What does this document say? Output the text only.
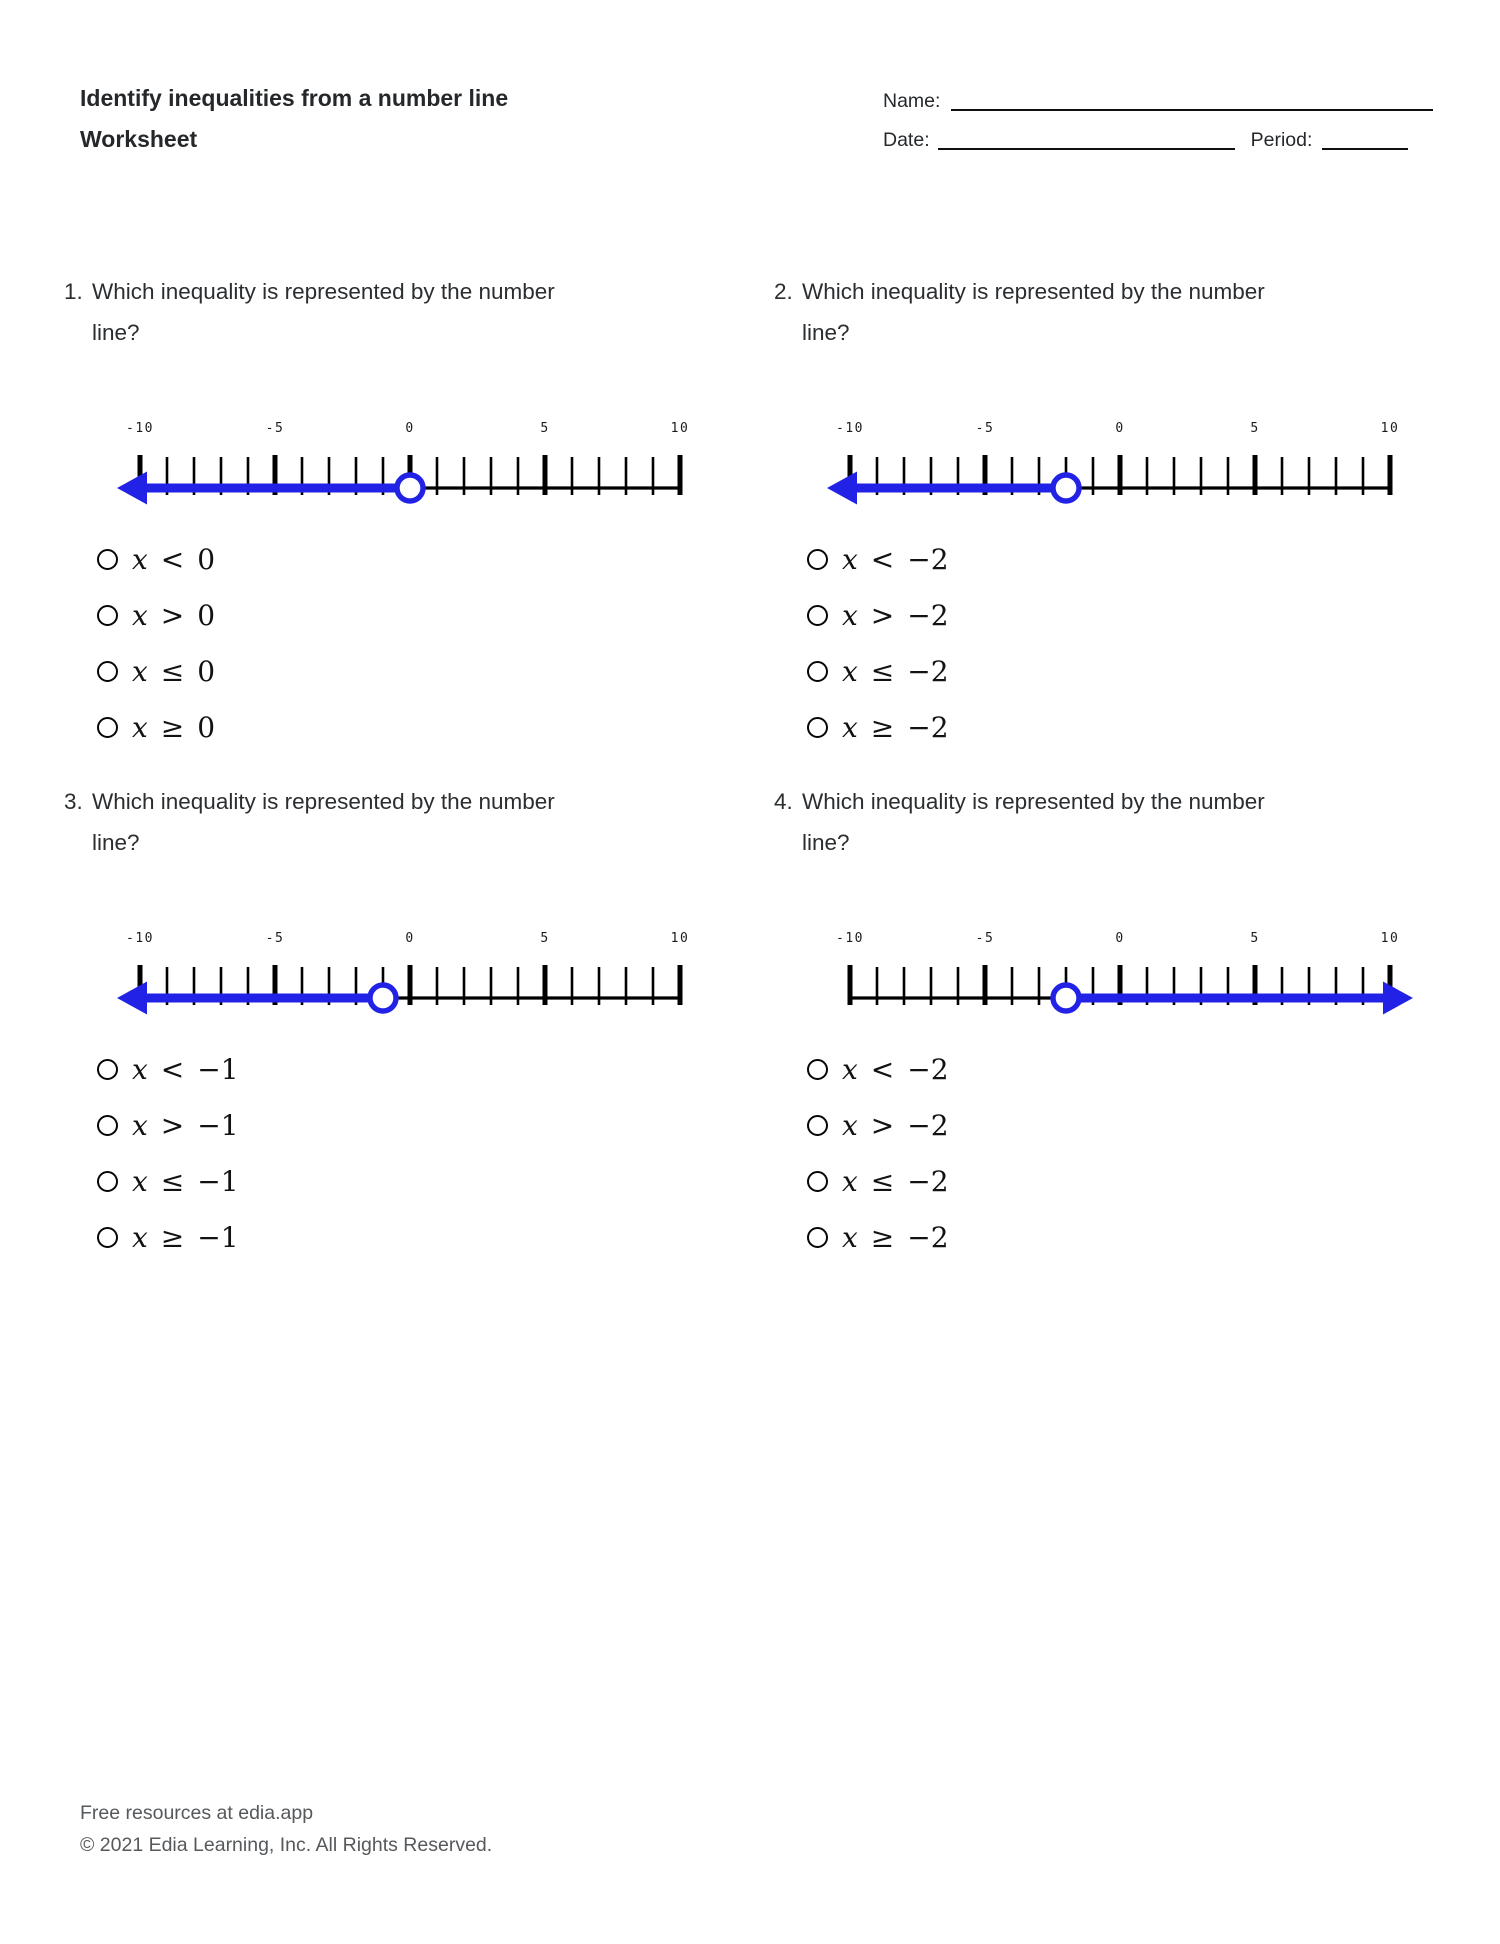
Identify inequalities from a number line
Worksheet
Name:
Date:	Period:
1. Which inequality is represented by the number line?
-10	-5	0	5	10
x < 0
x > 0
x ≤ 0
x ≥ 0
2. Which inequality is represented by the number line?
-10	-5	0	5	10
x < −2
x > −2
x ≤ −2
x ≥ −2
3. Which inequality is represented by the number line?
-10	-5	0	5	10
x < −1
x > −1
x ≤ −1
x ≥ −1
4. Which inequality is represented by the number line?
-10	-5	0	5	10
x < −2
x > −2
x ≤ −2
x ≥ −2
Free resources at edia.app
© 2021 Edia Learning, Inc. All Rights Reserved.
